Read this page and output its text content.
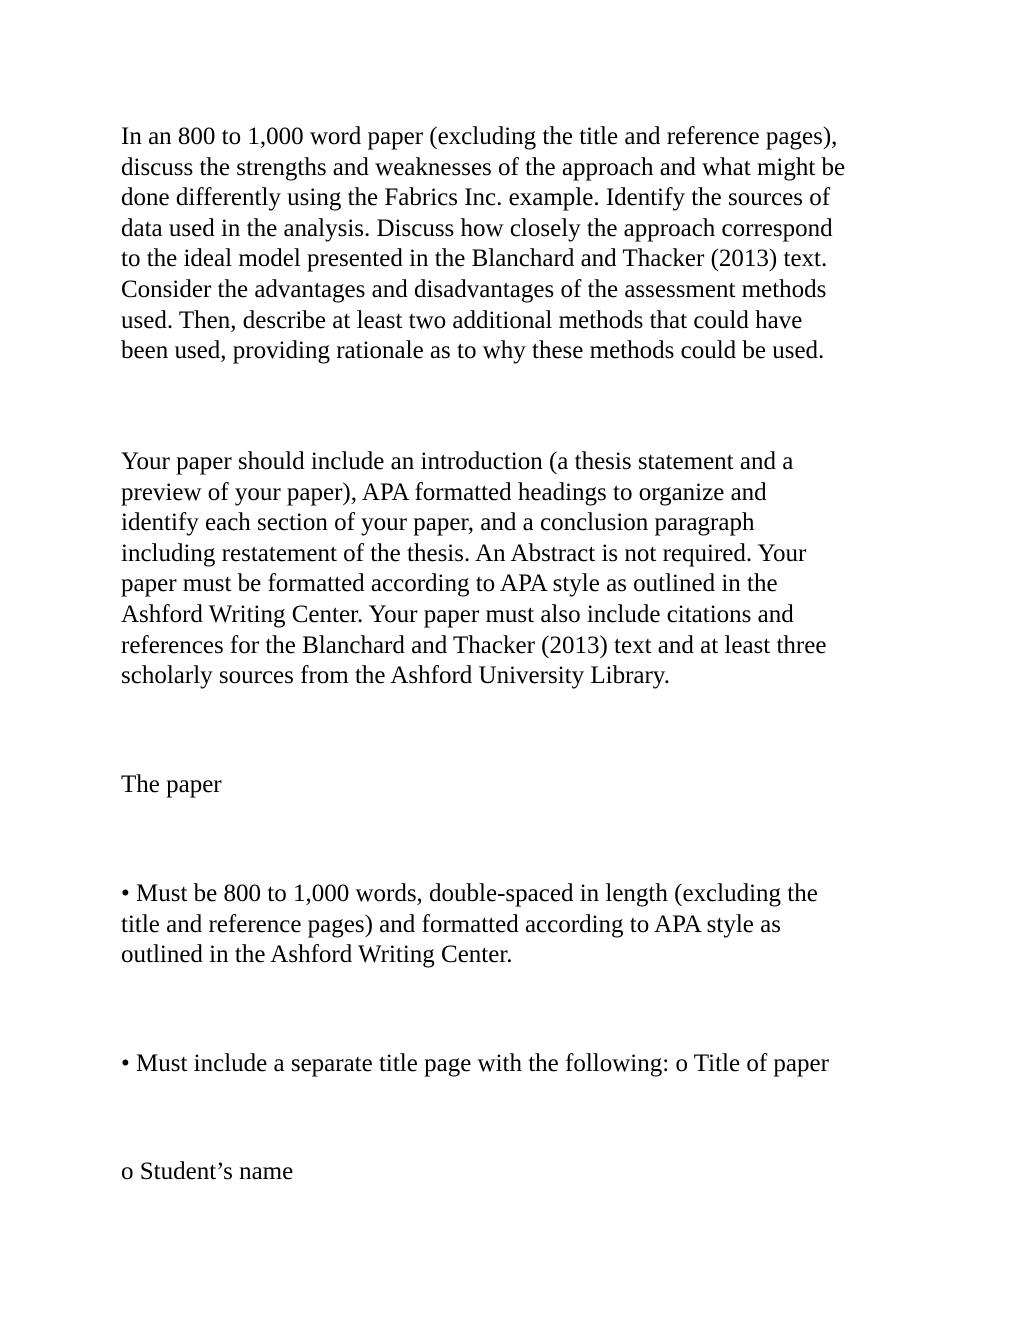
In an 800 to 1,000 word paper (excluding the title and reference pages),
discuss the strengths and weaknesses of the approach and what might be
done differently using the Fabrics Inc. example. Identify the sources of
data used in the analysis. Discuss how closely the approach correspond
to the ideal model presented in the Blanchard and Thacker (2013) text.
Consider the advantages and disadvantages of the assessment methods
used. Then, describe at least two additional methods that could have
been used, providing rationale as to why these methods could be used.

Your paper should include an introduction (a thesis statement and a
preview of your paper), APA formatted headings to organize and
identify each section of your paper, and a conclusion paragraph
including restatement of the thesis. An Abstract is not required. Your
paper must be formatted according to APA style as outlined in the
Ashford Writing Center. Your paper must also include citations and
references for the Blanchard and Thacker (2013) text and at least three
scholarly sources from the Ashford University Library.

The paper

• Must be 800 to 1,000 words, double-spaced in length (excluding the
title and reference pages) and formatted according to APA style as
outlined in the Ashford Writing Center.

• Must include a separate title page with the following: o Title of paper

o Student’s name
